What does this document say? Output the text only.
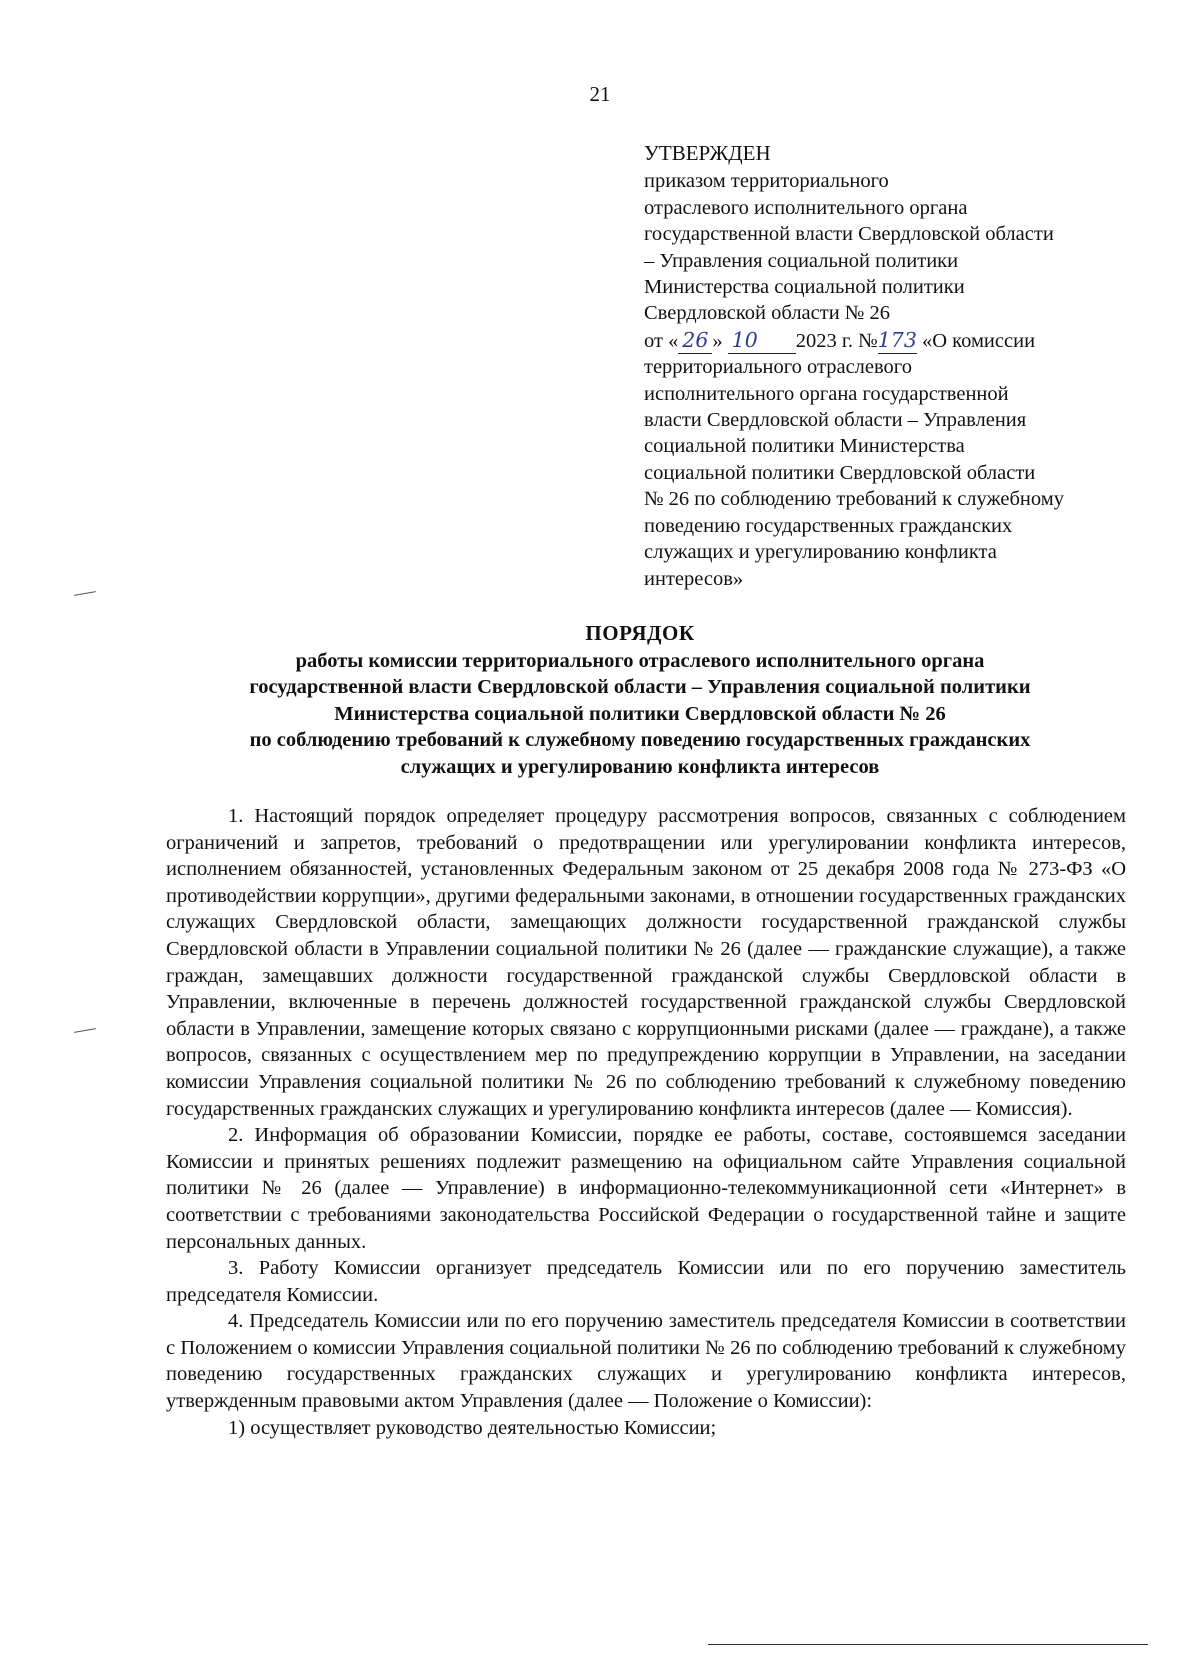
21
УТВЕРЖДЕН
приказом территориального
отраслевого исполнительного органа
государственной власти Свердловской области
– Управления социальной политики
Министерства социальной политики
Свердловской области № 26
от « 26 » 10 2023 г. №173 «О комиссии
территориального отраслевого
исполнительного органа государственной
власти Свердловской области – Управления
социальной политики Министерства
социальной политики Свердловской области
№ 26 по соблюдению требований к служебному
поведению государственных гражданских
служащих и урегулированию конфликта
интересов»
ПОРЯДОК
работы комиссии территориального отраслевого исполнительного органа
государственной власти Свердловской области – Управления социальной политики
Министерства социальной политики Свердловской области № 26
по соблюдению требований к служебному поведению государственных гражданских
служащих и урегулированию конфликта интересов

1. Настоящий порядок определяет процедуру рассмотрения вопросов, связанных с соблюдением ограничений и запретов, требований о предотвращении или урегулировании конфликта интересов, исполнением обязанностей, установленных Федеральным законом от 25 декабря 2008 года № 273-ФЗ «О противодействии коррупции», другими федеральными законами, в отношении государственных гражданских служащих Свердловской области, замещающих должности государственной гражданской службы Свердловской области в Управлении социальной политики № 26 (далее — гражданские служащие), а также граждан, замещавших должности государственной гражданской службы Свердловской области в Управлении, включенные в перечень должностей государственной гражданской службы Свердловской области в Управлении, замещение которых связано с коррупционными рисками (далее — граждане), а также вопросов, связанных с осуществлением мер по предупреждению коррупции в Управлении, на заседании комиссии Управления социальной политики № 26 по соблюдению требований к служебному поведению государственных гражданских служащих и урегулированию конфликта интересов (далее — Комиссия).

2. Информация об образовании Комиссии, порядке ее работы, составе, состоявшемся заседании Комиссии и принятых решениях подлежит размещению на официальном сайте Управления социальной политики № 26 (далее — Управление) в информационно-телекоммуникационной сети «Интернет» в соответствии с требованиями законодательства Российской Федерации о государственной тайне и защите персональных данных.

3. Работу Комиссии организует председатель Комиссии или по его поручению заместитель председателя Комиссии.

4. Председатель Комиссии или по его поручению заместитель председателя Комиссии в соответствии с Положением о комиссии Управления социальной политики № 26 по соблюдению требований к служебному поведению государственных гражданских служащих и урегулированию конфликта интересов, утвержденным правовыми актом Управления (далее — Положение о Комиссии):

1) осуществляет руководство деятельностью Комиссии;
